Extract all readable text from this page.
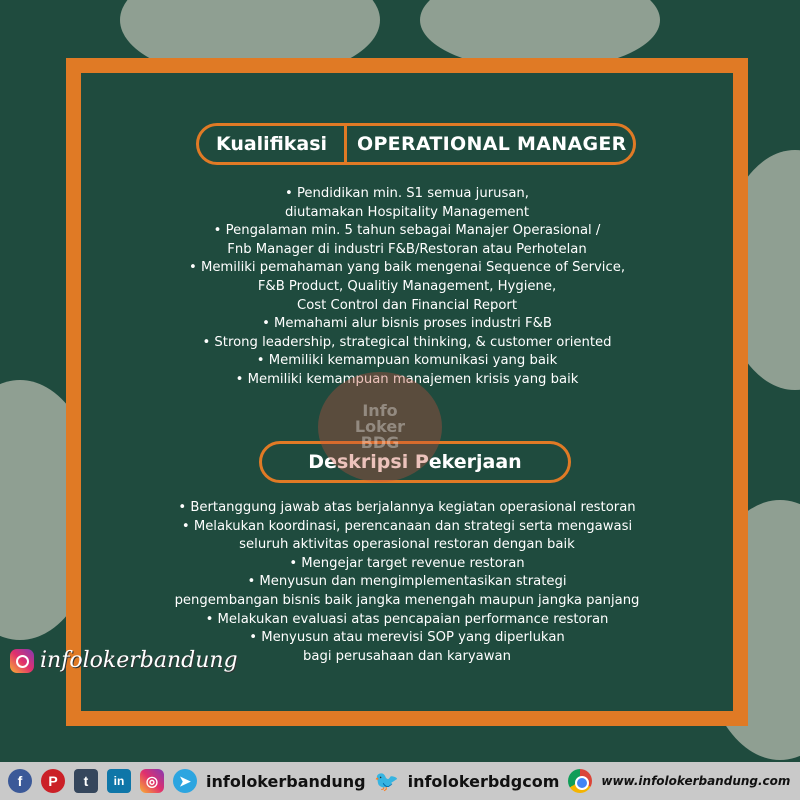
Kualifikasi	OPERATIONAL MANAGER
• Pendidikan min. S1 semua jurusan,
diutamakan Hospitality Management
• Pengalaman min. 5 tahun sebagai Manajer Operasional /
Fnb Manager di industri F&B/Restoran atau Perhotelan
• Memiliki pemahaman yang baik mengenai Sequence of Service,
F&B Product, Qualitiy Management, Hygiene,
Cost Control dan Financial Report
• Memahami alur bisnis proses industri F&B
• Strong leadership, strategical thinking, & customer oriented
• Memiliki kemampuan komunikasi yang baik
• Memiliki kemampuan manajemen krisis yang baik
Deskripsi Pekerjaan
• Bertanggung jawab atas berjalannya kegiatan operasional restoran
• Melakukan koordinasi, perencanaan dan strategi serta mengawasi
seluruh aktivitas operasional restoran dengan baik
• Mengejar target revenue restoran
• Menyusun dan mengimplementasikan strategi
pengembangan bisnis baik jangka menengah maupun jangka panjang
• Melakukan evaluasi atas pencapaian performance restoran
• Menyusun atau merevisi SOP yang diperlukan
bagi perusahaan dan karyawan
Info
Loker
BDG
infolokerbandung
f	P	t	in	◎	➤ infolokerbandung 🐦 infolokerbdgcom	www.infolokerbandung.com
